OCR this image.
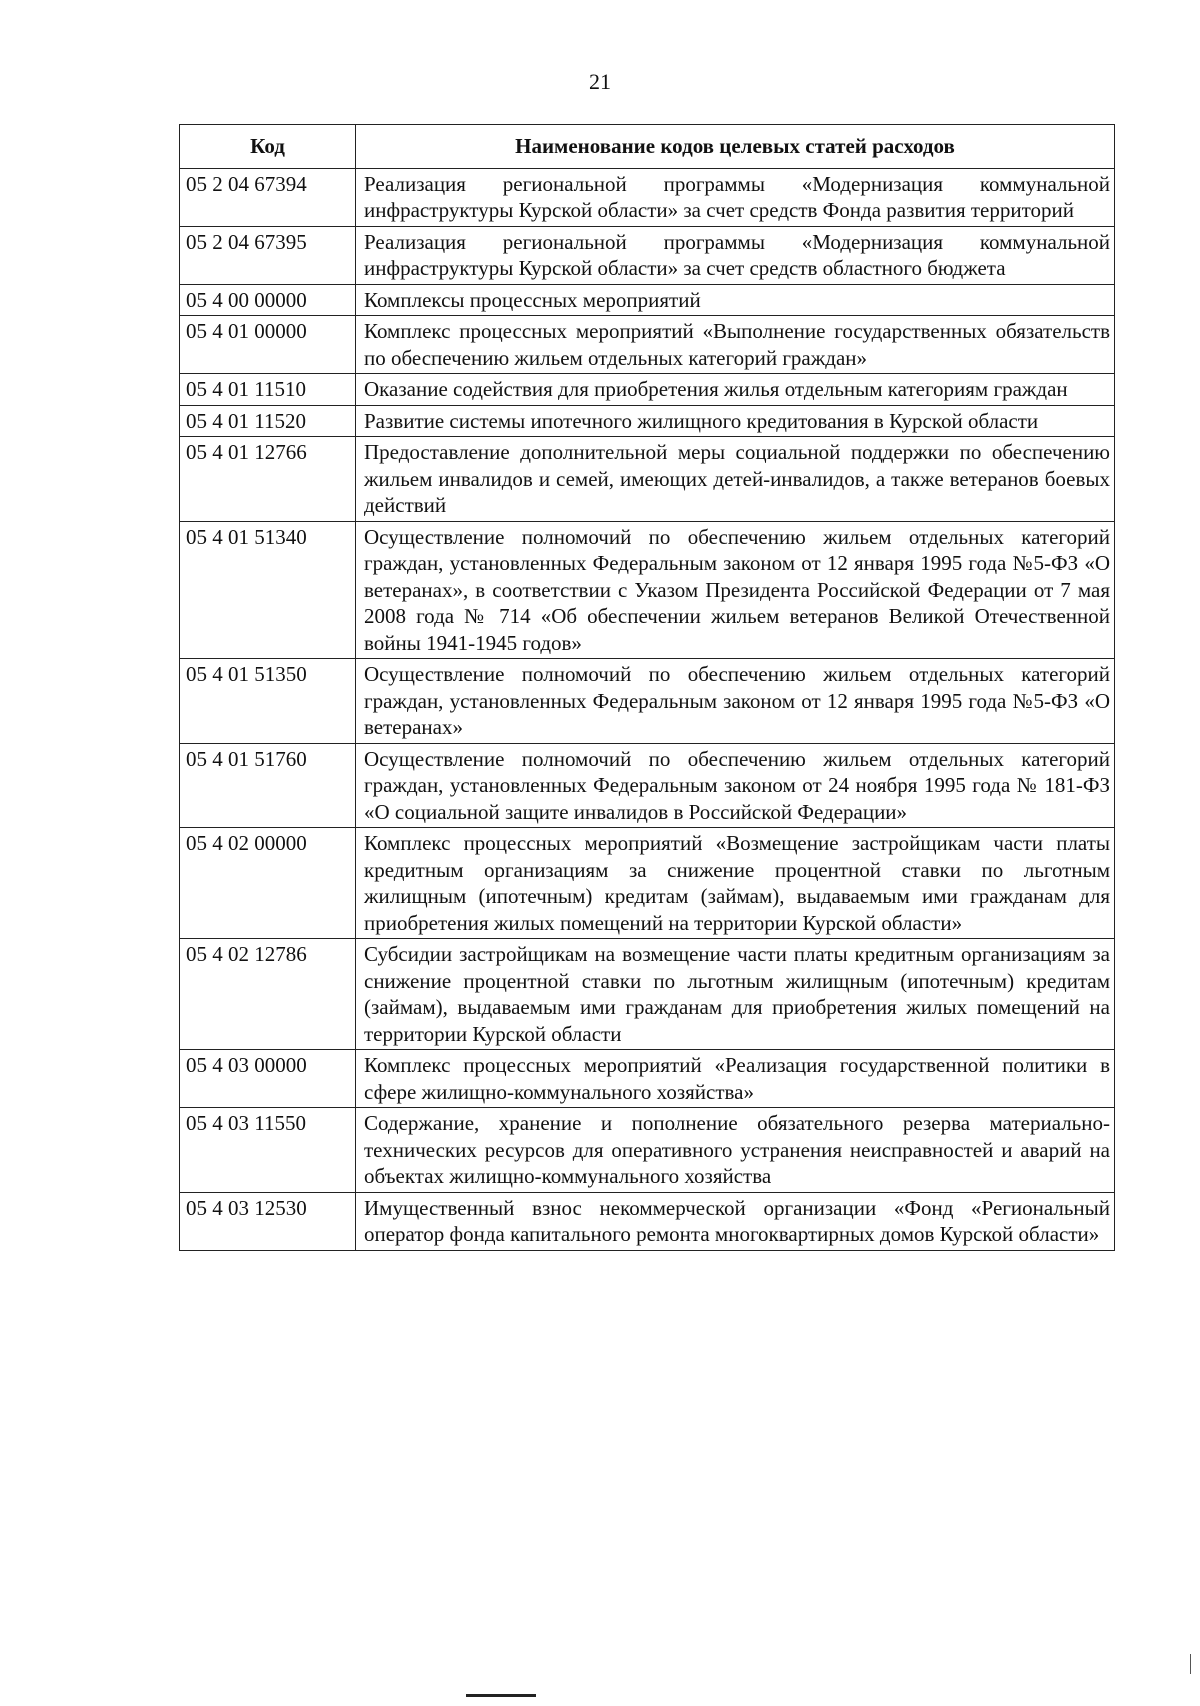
21
Код	Наименование кодов целевых статей расходов
05 2 04 67394	Реализация региональной программы «Модернизация коммунальной инфраструктуры Курской области» за счет средств Фонда развития территорий
05 2 04 67395	Реализация региональной программы «Модернизация коммунальной инфраструктуры Курской области» за счет средств областного бюджета
05 4 00 00000	Комплексы процессных мероприятий
05 4 01 00000	Комплекс процессных мероприятий «Выполнение государственных обязательств по обеспечению жильем отдельных категорий граждан»
05 4 01 11510	Оказание содействия для приобретения жилья отдельным категориям граждан
05 4 01 11520	Развитие системы ипотечного жилищного кредитования в Курской области
05 4 01 12766	Предоставление дополнительной меры социальной поддержки по обеспечению жильем инвалидов и семей, имеющих детей-инвалидов, а также ветеранов боевых действий
05 4 01 51340	Осуществление полномочий по обеспечению жильем отдельных категорий граждан, установленных Федеральным законом от 12 января 1995 года №5-ФЗ «О ветеранах», в соответствии с Указом Президента Российской Федерации от 7 мая 2008 года № 714 «Об обеспечении жильем ветеранов Великой Отечественной войны 1941-1945 годов»
05 4 01 51350	Осуществление полномочий по обеспечению жильем отдельных категорий граждан, установленных Федеральным законом от 12 января 1995 года №5-ФЗ «О ветеранах»
05 4 01 51760	Осуществление полномочий по обеспечению жильем отдельных категорий граждан, установленных Федеральным законом от 24 ноября 1995 года № 181-ФЗ «О социальной защите инвалидов в Российской Федерации»
05 4 02 00000	Комплекс процессных мероприятий «Возмещение застройщикам части платы кредитным организациям за снижение процентной ставки по льготным жилищным (ипотечным) кредитам (займам), выдаваемым ими гражданам для приобретения жилых помещений на территории Курской области»
05 4 02 12786	Субсидии застройщикам на возмещение части платы кредитным организациям за снижение процентной ставки по льготным жилищным (ипотечным) кредитам (займам), выдаваемым ими гражданам для приобретения жилых помещений на территории Курской области
05 4 03 00000	Комплекс процессных мероприятий «Реализация государственной политики в сфере жилищно-коммунального хозяйства»
05 4 03 11550	Содержание, хранение и пополнение обязательного резерва материально-технических ресурсов для оперативного устранения неисправностей и аварий на объектах жилищно-коммунального хозяйства
05 4 03 12530	Имущественный взнос некоммерческой организации «Фонд «Региональный оператор фонда капитального ремонта многоквартирных домов Курской области»
